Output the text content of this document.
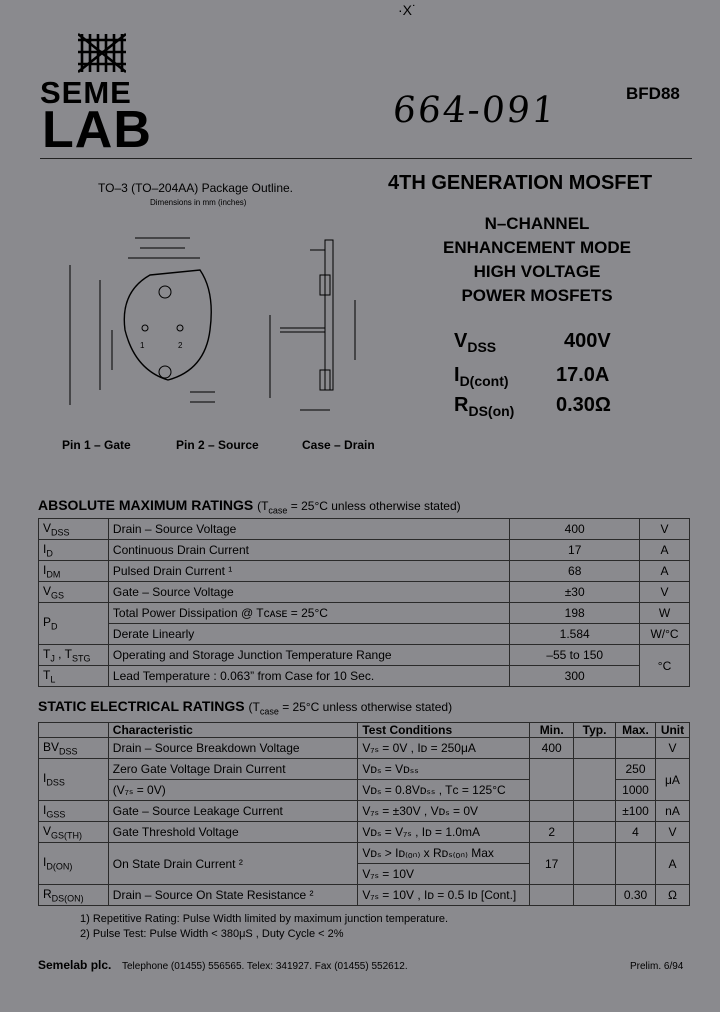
·X˙
664-091
SEME
LAB
BFD88
4TH GENERATION MOSFET
TO–3 (TO–204AA) Package Outline.
Dimensions in mm (inches)
1	2
Pin 1 – Gate	Pin 2 – Source	Case – Drain
N–CHANNEL
ENHANCEMENT MODE
HIGH VOLTAGE
POWER MOSFETS
$V_{DSS}$	400V
$I_{D(cont)}$ 17.0A
$R_{DS(on)}$ 0.30Ω
ABSOLUTE MAXIMUM RATINGS ($T_{case} = 25^\circ C$ unless otherwise stated)
$V_{DSS}$	Drain – Source Voltage	400	V
$I_D$	Continuous Drain Current	17	A
$I_{DM}$	Pulsed Drain Current ¹	68	A
$V_{GS}$	Gate – Source Voltage	±30	V
$P_D$	Total Power Dissipation @ Tᴄᴀsᴇ = 25°C	198	W
	Derate Linearly	1.584	W/°C
$T_J$ , $T_{STG}$	Operating and Storage Junction Temperature Range	–55 to 150	°C
$T_L$	Lead Temperature : 0.063” from Case for 10 Sec.	300	
STATIC ELECTRICAL RATINGS ($T_{case} = 25^\circ C$ unless otherwise stated)
	Characteristic	Test Conditions	Min.	Typ.	Max.	Unit
$BV_{DSS}$	Drain – Source Breakdown Voltage	V₇ₛ = 0V , Iᴅ = 250μA	400			V
$I_{DSS}$	Zero Gate Voltage Drain Current	Vᴅₛ = Vᴅₛₛ			250	μA
	(V₇ₛ = 0V)	Vᴅₛ = 0.8Vᴅₛₛ , Tᴄ = 125°C			1000	
$I_{GSS}$	Gate – Source Leakage Current	V₇ₛ = ±30V , Vᴅₛ = 0V			±100	nA
$V_{GS(TH)}$	Gate Threshold Voltage	Vᴅₛ = V₇ₛ , Iᴅ = 1.0mA	2		4	V
$I_{D(ON)}$	On State Drain Current ²	Vᴅₛ > Iᴅ₍ₒₙ₎ x Rᴅₛ₍ₒₙ₎ Max	17			A
		V₇ₛ = 10V				
$R_{DS(ON)}$	Drain – Source On State Resistance ²	V₇ₛ = 10V , Iᴅ = 0.5 Iᴅ [Cont.]			0.30	Ω
1) Repetitive Rating: Pulse Width limited by maximum junction temperature.
2) Pulse Test: Pulse Width < 380μS , Duty Cycle < 2%
Semelab plc. Telephone (01455) 556565. Telex: 341927. Fax (01455) 552612.	Prelim. 6/94
